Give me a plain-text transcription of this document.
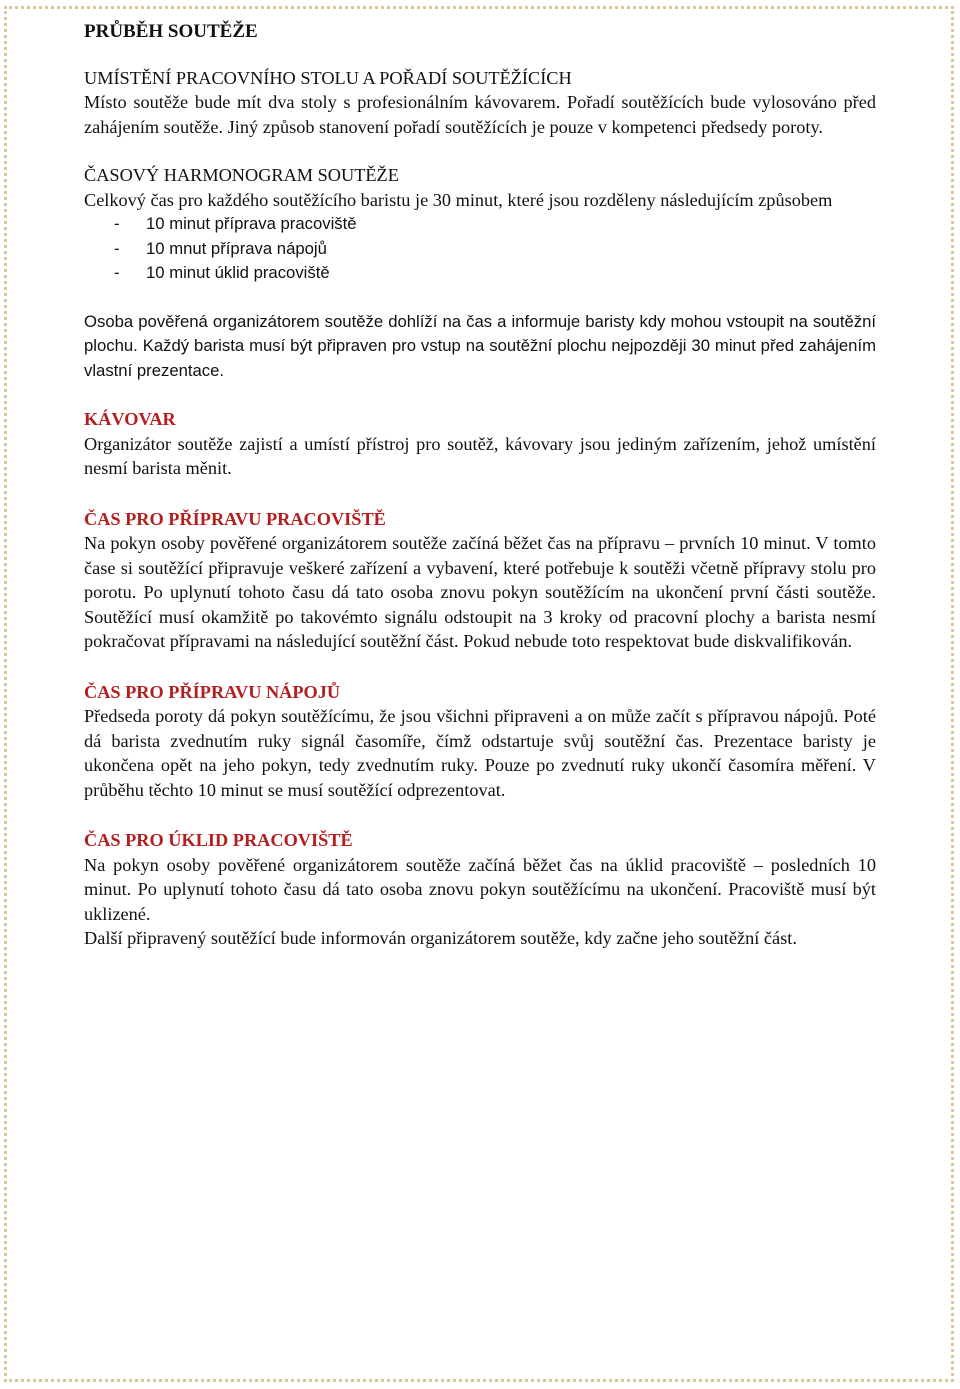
PRŮBĚH SOUTĚŽE
UMÍSTĚNÍ PRACOVNÍHO STOLU A POŘADÍ SOUTĚŽÍCÍCH

Místo soutěže bude mít dva stoly s profesionálním kávovarem. Pořadí soutěžících bude vylosováno před zahájením soutěže. Jiný způsob stanovení pořadí soutěžících je pouze v kompetenci předsedy poroty.

ČASOVÝ HARMONOGRAM SOUTĚŽE

Celkový čas pro každého soutěžícího baristu je 30 minut, které jsou rozděleny následujícím způsobem

- 10 minut příprava pracoviště
- 10 mnut příprava nápojů
- 10 minut úklid pracoviště

Osoba pověřená organizátorem soutěže dohlíží na čas a informuje baristy kdy mohou vstoupit na soutěžní plochu. Každý barista musí být připraven pro vstup na soutěžní plochu nejpozději 30 minut před zahájením vlastní prezentace.

KÁVOVAR

Organizátor soutěže zajistí a umístí přístroj pro soutěž, kávovary jsou jediným zařízením, jehož umístění nesmí barista měnit.

ČAS PRO PŘÍPRAVU PRACOVIŠTĚ

Na pokyn osoby pověřené organizátorem soutěže začíná běžet čas na přípravu – prvních 10 minut. V tomto čase si soutěžící připravuje veškeré zařízení a vybavení, které potřebuje k soutěži včetně přípravy stolu pro porotu. Po uplynutí tohoto času dá tato osoba znovu pokyn soutěžícím na ukončení první části soutěže. Soutěžící musí okamžitě po takovémto signálu odstoupit na 3 kroky od pracovní plochy a barista nesmí pokračovat přípravami na následující soutěžní část. Pokud nebude toto respektovat bude diskvalifikován.

ČAS PRO PŘÍPRAVU NÁPOJŮ

Předseda poroty dá pokyn soutěžícímu, že jsou všichni připraveni a on může začít s přípravou nápojů. Poté dá barista zvednutím ruky signál časomíře, čímž odstartuje svůj soutěžní čas. Prezentace baristy je ukončena opět na jeho pokyn, tedy zvednutím ruky. Pouze po zvednutí ruky ukončí časomíra měření. V průběhu těchto 10 minut se musí soutěžící odprezentovat.

ČAS PRO ÚKLID PRACOVIŠTĚ

Na pokyn osoby pověřené organizátorem soutěže začíná běžet čas na úklid pracoviště – posledních 10 minut. Po uplynutí tohoto času dá tato osoba znovu pokyn soutěžícímu na ukončení. Pracoviště musí být uklizené.

Další připravený soutěžící bude informován organizátorem soutěže, kdy začne jeho soutěžní část.
